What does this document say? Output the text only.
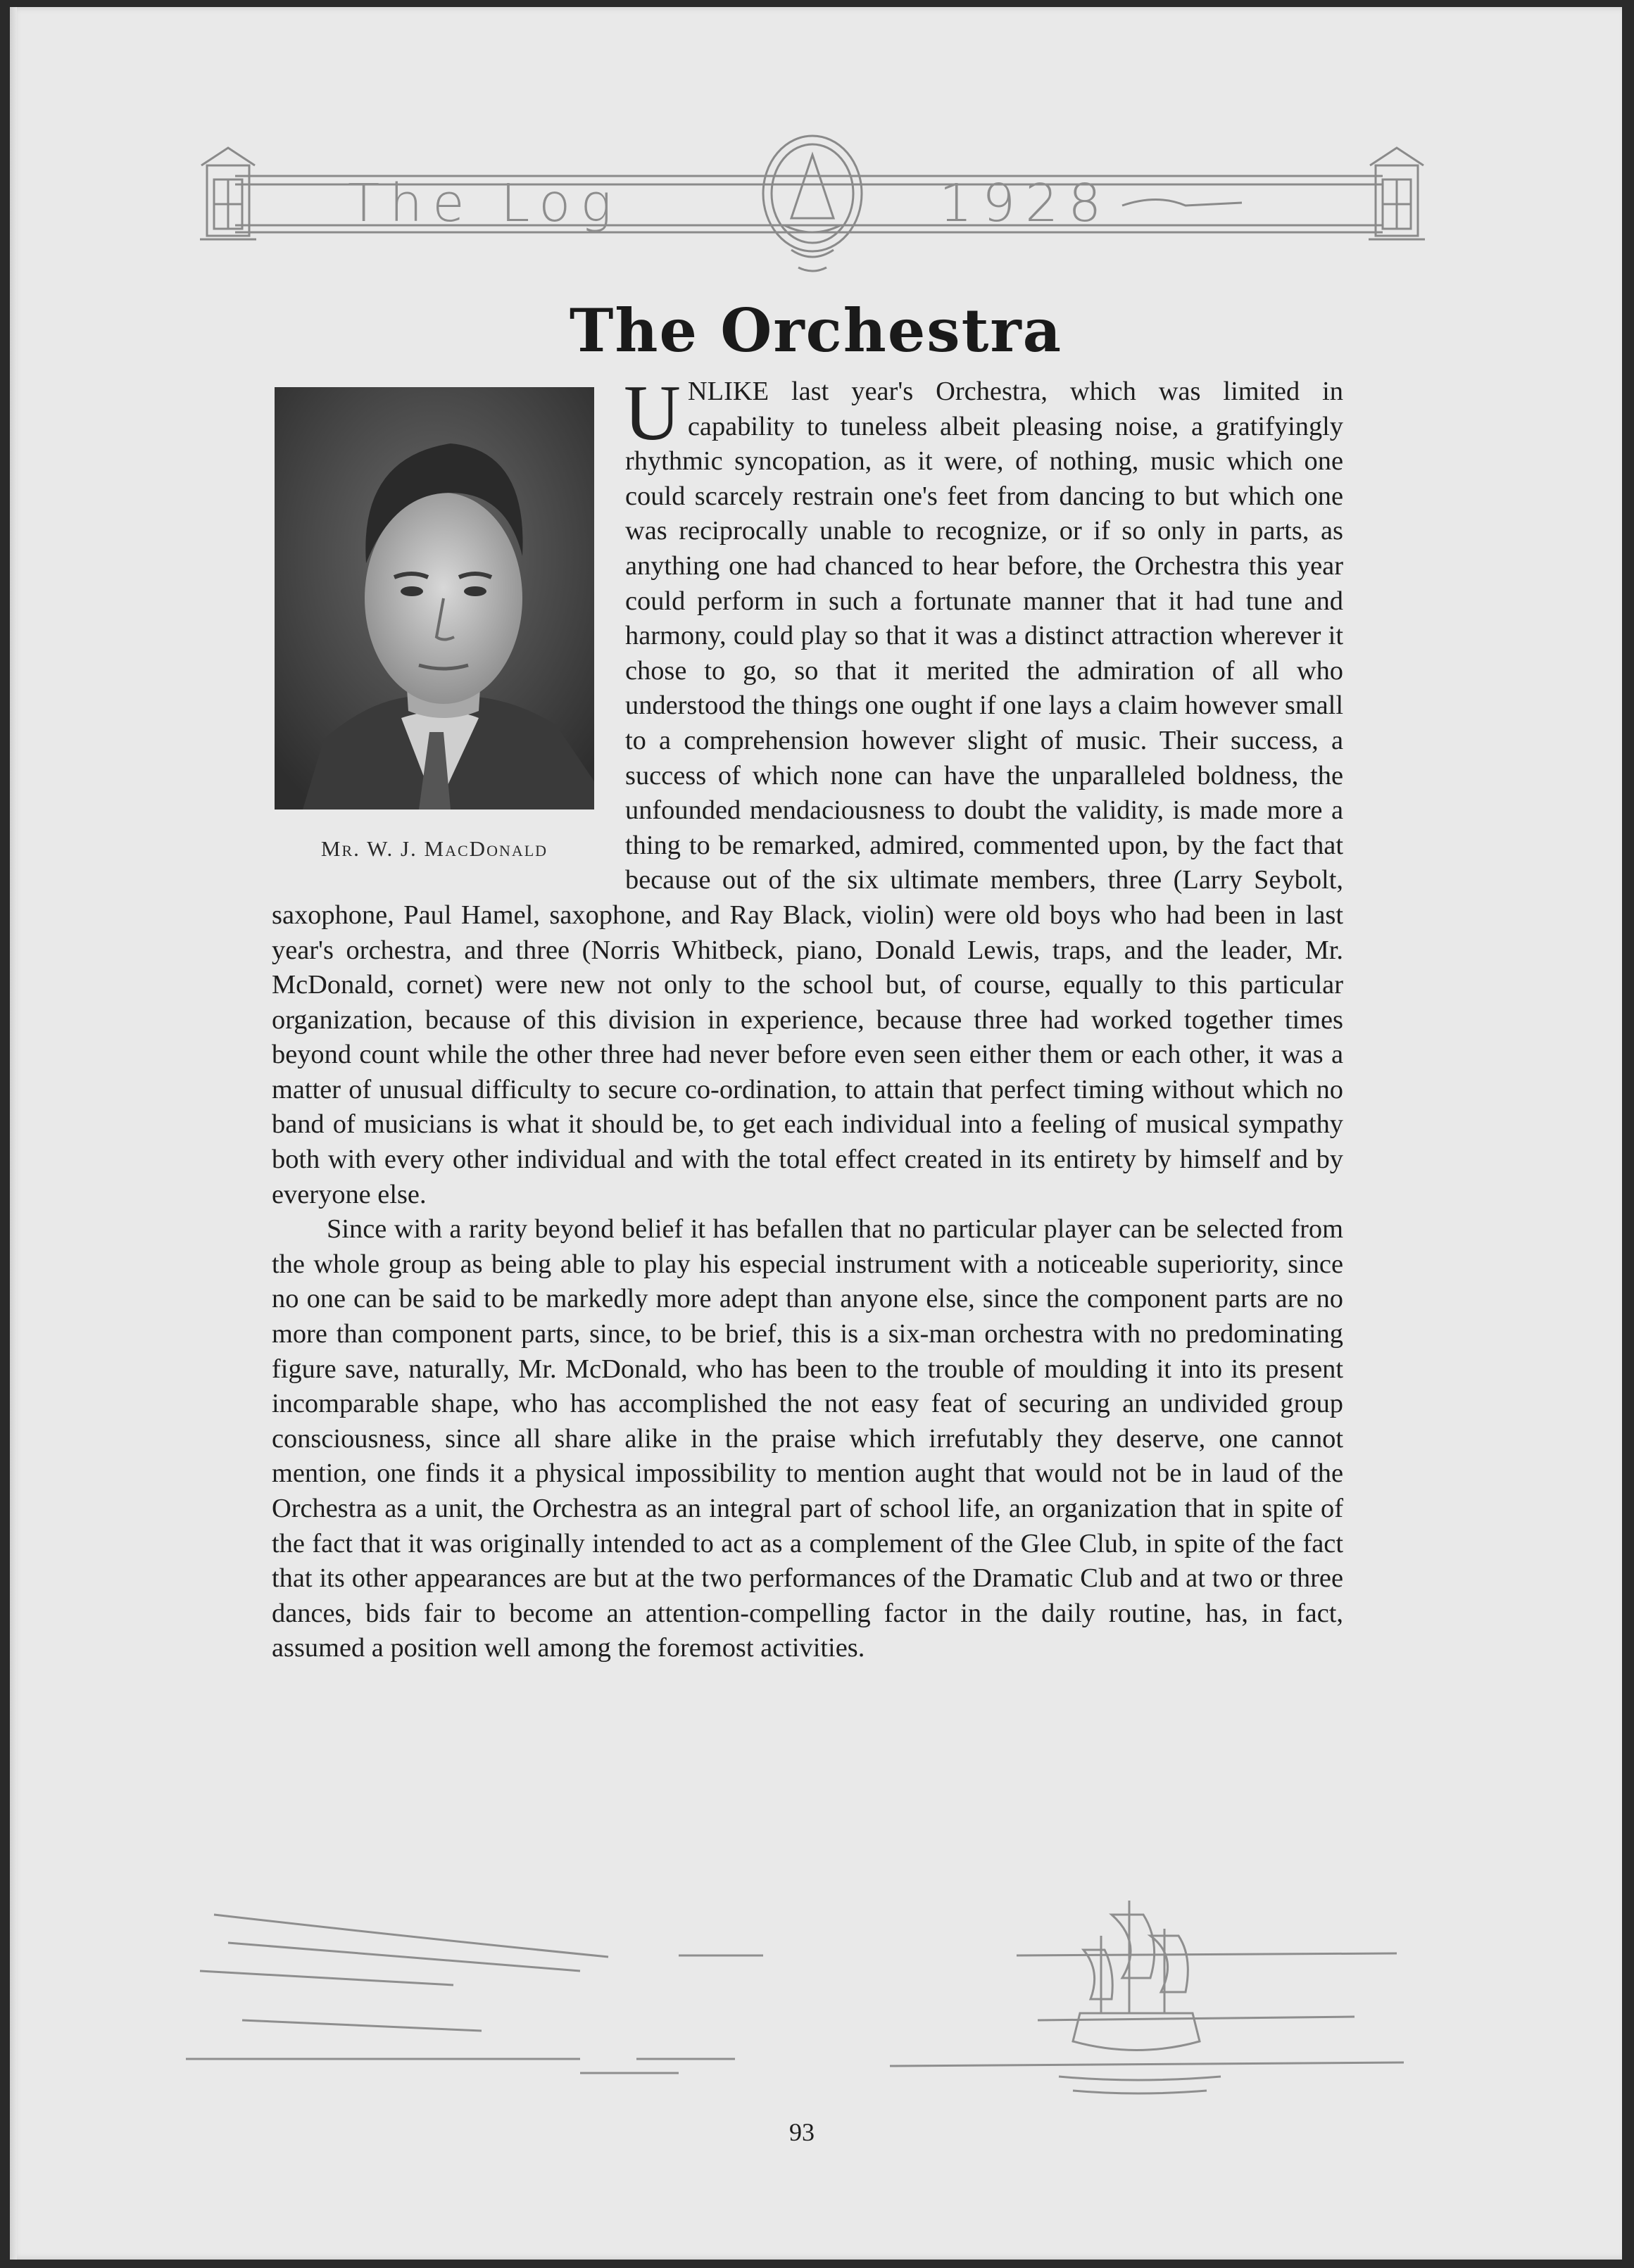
The Log	1928
The Orchestra
Mr. W. J. MacDonald

UNLIKE last year's Orchestra, which was limited in capability to tuneless albeit pleasing noise, a gratifyingly rhythmic syncopation, as it were, of nothing, music which one could scarcely restrain one's feet from dancing to but which one was reciprocally unable to recognize, or if so only in parts, as anything one had chanced to hear before, the Orchestra this year could perform in such a fortunate manner that it had tune and harmony, could play so that it was a distinct attraction wherever it chose to go, so that it merited the admiration of all who understood the things one ought if one lays a claim however small to a comprehension however slight of music. Their success, a success of which none can have the unparalleled boldness, the unfounded mendaciousness to doubt the validity, is made more a thing to be remarked, admired, commented upon, by the fact that because out of the six ultimate members, three (Larry Seybolt, saxophone, Paul Hamel, saxophone, and Ray Black, violin) were old boys who had been in last year's orchestra, and three (Norris Whitbeck, piano, Donald Lewis, traps, and the leader, Mr. McDonald, cornet) were new not only to the school but, of course, equally to this particular organization, because of this division in experience, because three had worked together times beyond count while the other three had never before even seen either them or each other, it was a matter of unusual difficulty to secure co-ordination, to attain that perfect timing without which no band of musicians is what it should be, to get each individual into a feeling of musical sympathy both with every other individual and with the total effect created in its entirety by himself and by everyone else.

Since with a rarity beyond belief it has befallen that no particular player can be selected from the whole group as being able to play his especial instrument with a noticeable superiority, since no one can be said to be markedly more adept than anyone else, since the component parts are no more than component parts, since, to be brief, this is a six-man orchestra with no predominating figure save, naturally, Mr. McDonald, who has been to the trouble of moulding it into its present incomparable shape, who has accomplished the not easy feat of securing an undivided group consciousness, since all share alike in the praise which irrefutably they deserve, one cannot mention, one finds it a physical impossibility to mention aught that would not be in laud of the Orchestra as a unit, the Orchestra as an integral part of school life, an organization that in spite of the fact that it was originally intended to act as a complement of the Glee Club, in spite of the fact that its other appearances are but at the two performances of the Dramatic Club and at two or three dances, bids fair to become an attention-compelling factor in the daily routine, has, in fact, assumed a position well among the foremost activities.

93
